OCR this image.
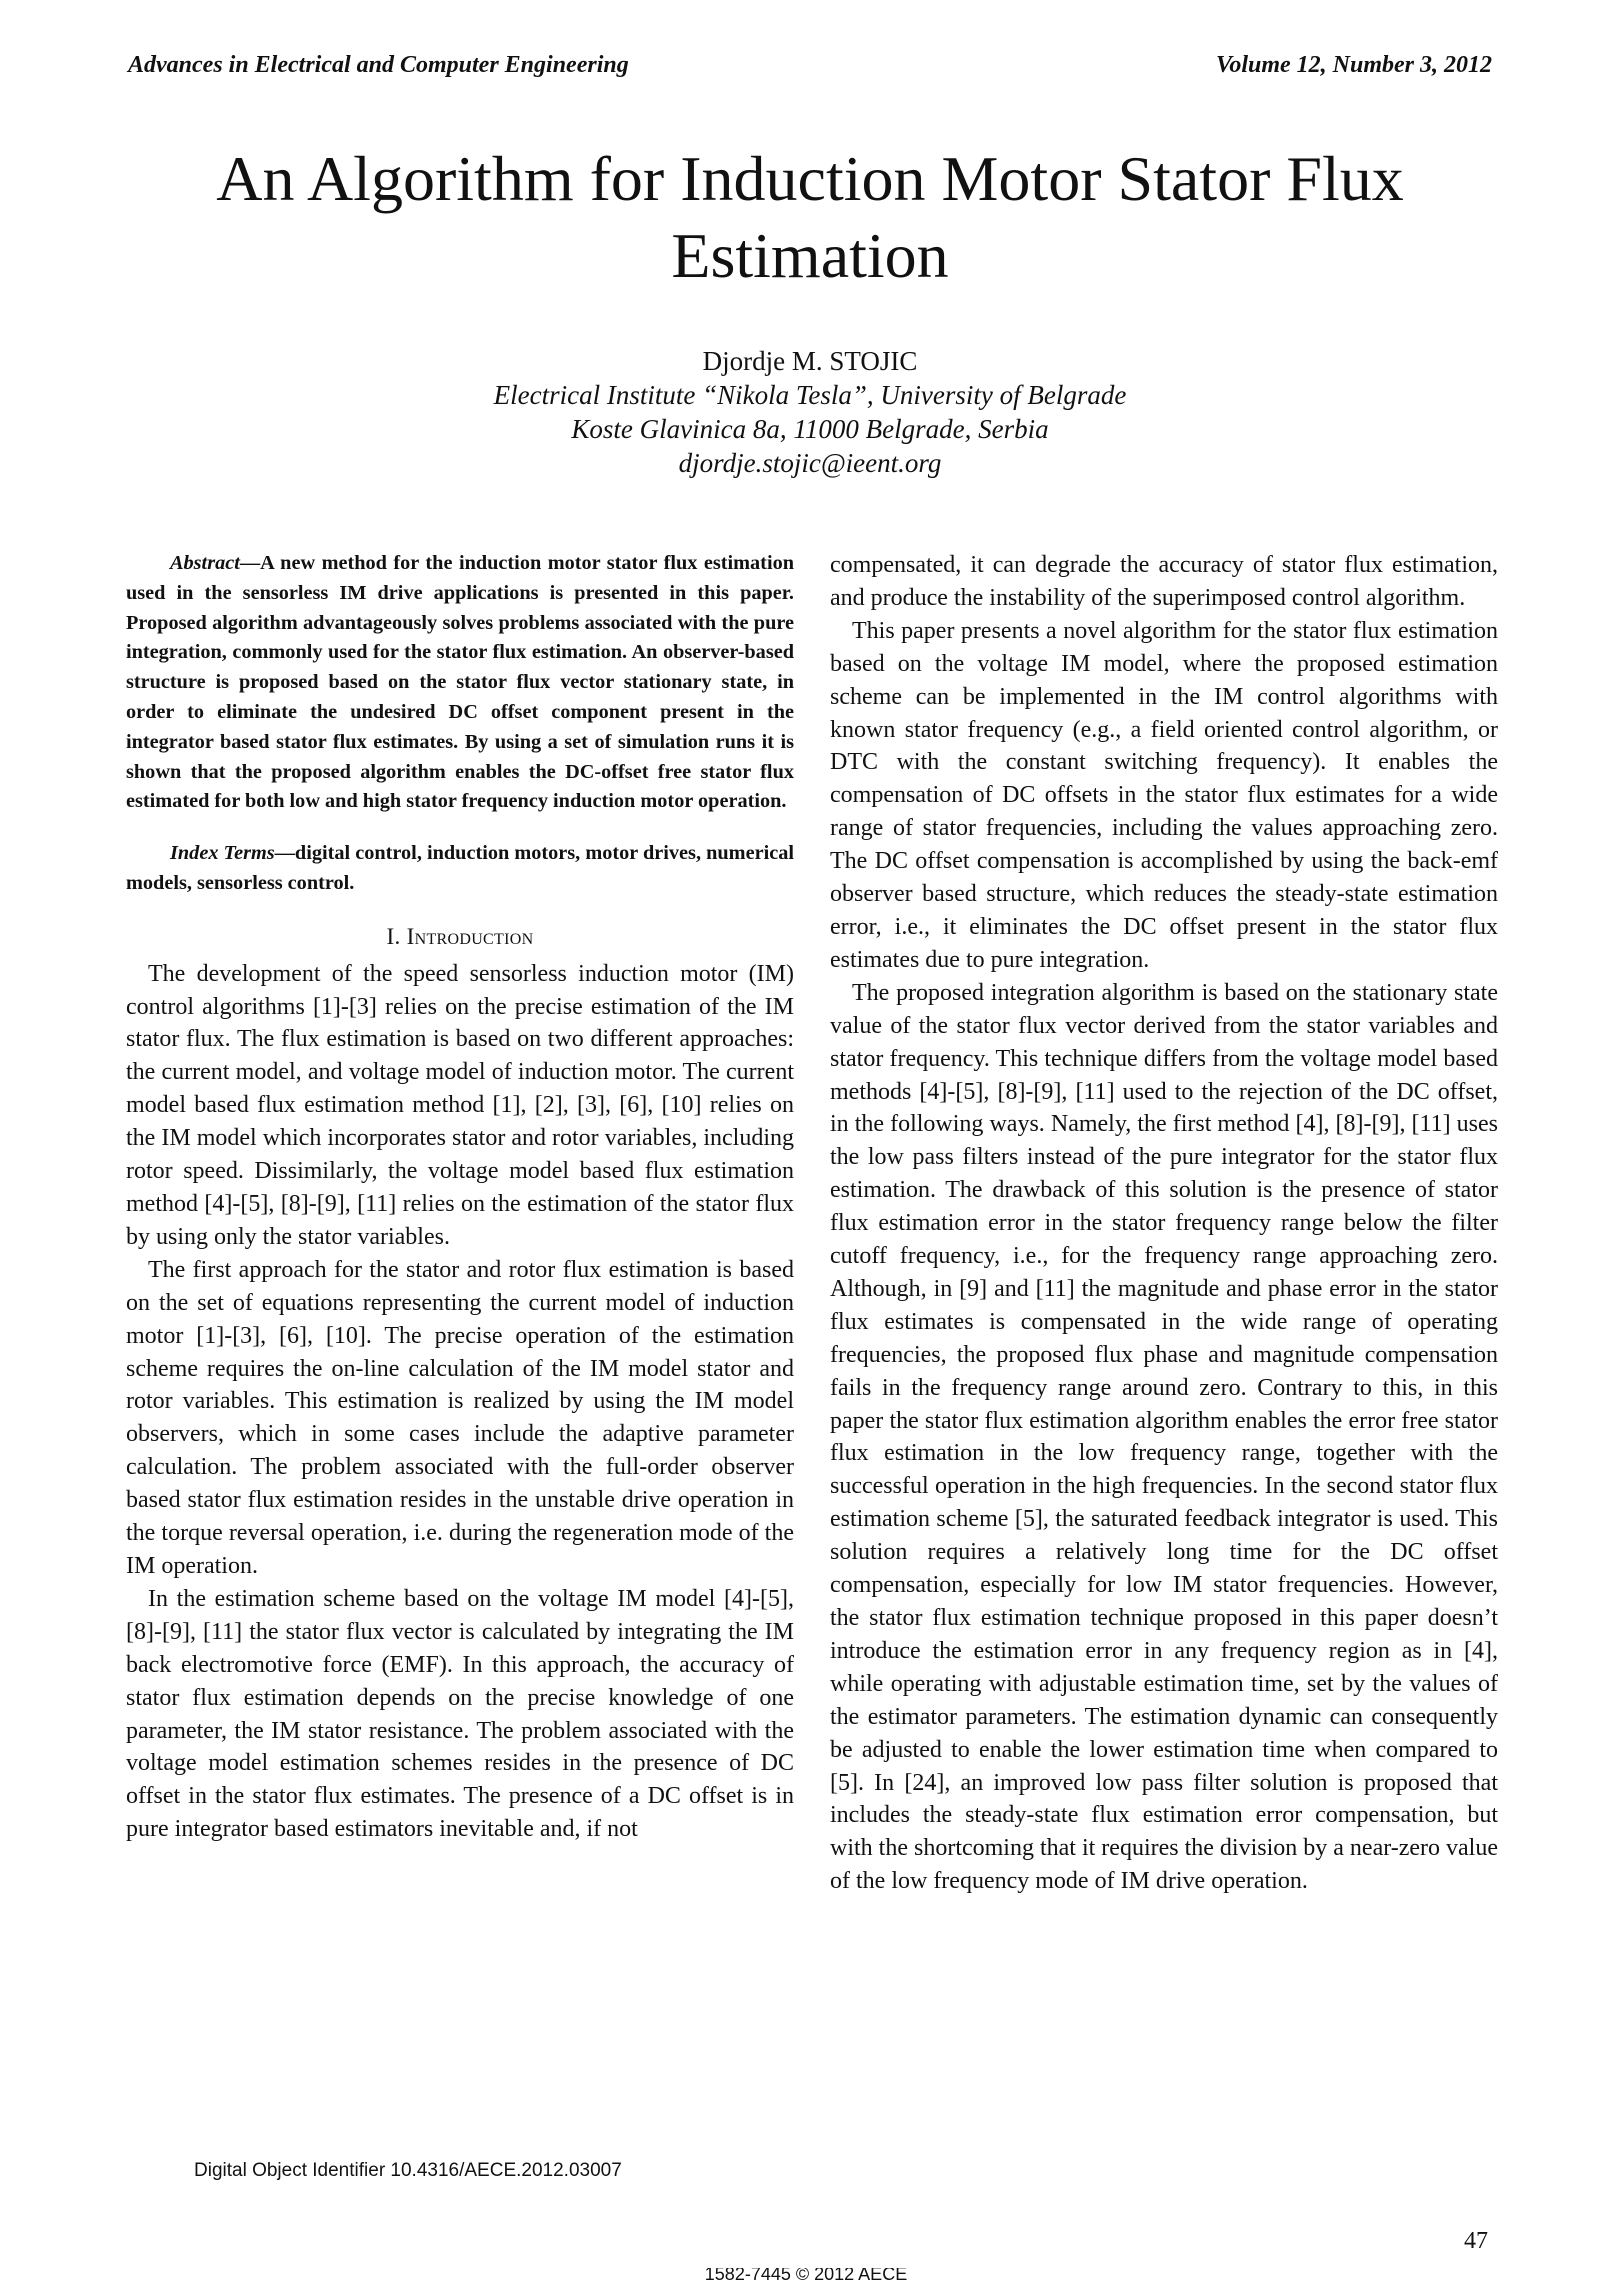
Advances in Electrical and Computer Engineering	Volume 12, Number 3, 2012
An Algorithm for Induction Motor Stator Flux Estimation
Djordje M. STOJIC
Electrical Institute “Nikola Tesla”, University of Belgrade
Koste Glavinica 8a, 11000 Belgrade, Serbia
djordje.stojic@ieent.org

Abstract—A new method for the induction motor stator flux estimation used in the sensorless IM drive applications is presented in this paper. Proposed algorithm advantageously solves problems associated with the pure integration, commonly used for the stator flux estimation. An observer-based structure is proposed based on the stator flux vector stationary state, in order to eliminate the undesired DC offset component present in the integrator based stator flux estimates. By using a set of simulation runs it is shown that the proposed algorithm enables the DC-offset free stator flux estimated for both low and high stator frequency induction motor operation.

Index Terms—digital control, induction motors, motor drives, numerical models, sensorless control.

I. Introduction

The development of the speed sensorless induction motor (IM) control algorithms [1]-[3] relies on the precise estimation of the IM stator flux. The flux estimation is based on two different approaches: the current model, and voltage model of induction motor. The current model based flux estimation method [1], [2], [3], [6], [10] relies on the IM model which incorporates stator and rotor variables, including rotor speed. Dissimilarly, the voltage model based flux estimation method [4]-[5], [8]-[9], [11] relies on the estimation of the stator flux by using only the stator variables.

The first approach for the stator and rotor flux estimation is based on the set of equations representing the current model of induction motor [1]-[3], [6], [10]. The precise operation of the estimation scheme requires the on-line calculation of the IM model stator and rotor variables. This estimation is realized by using the IM model observers, which in some cases include the adaptive parameter calculation. The problem associated with the full-order observer based stator flux estimation resides in the unstable drive operation in the torque reversal operation, i.e. during the regeneration mode of the IM operation.

In the estimation scheme based on the voltage IM model [4]-[5], [8]-[9], [11] the stator flux vector is calculated by integrating the IM back electromotive force (EMF). In this approach, the accuracy of stator flux estimation depends on the precise knowledge of one parameter, the IM stator resistance. The problem associated with the voltage model estimation schemes resides in the presence of DC offset in the stator flux estimates. The presence of a DC offset is in pure integrator based estimators inevitable and, if not

compensated, it can degrade the accuracy of stator flux estimation, and produce the instability of the superimposed control algorithm.

This paper presents a novel algorithm for the stator flux estimation based on the voltage IM model, where the proposed estimation scheme can be implemented in the IM control algorithms with known stator frequency (e.g., a field oriented control algorithm, or DTC with the constant switching frequency). It enables the compensation of DC offsets in the stator flux estimates for a wide range of stator frequencies, including the values approaching zero. The DC offset compensation is accomplished by using the back-emf observer based structure, which reduces the steady-state estimation error, i.e., it eliminates the DC offset present in the stator flux estimates due to pure integration.

The proposed integration algorithm is based on the stationary state value of the stator flux vector derived from the stator variables and stator frequency. This technique differs from the voltage model based methods [4]-[5], [8]-[9], [11] used to the rejection of the DC offset, in the following ways. Namely, the first method [4], [8]-[9], [11] uses the low pass filters instead of the pure integrator for the stator flux estimation. The drawback of this solution is the presence of stator flux estimation error in the stator frequency range below the filter cutoff frequency, i.e., for the frequency range approaching zero. Although, in [9] and [11] the magnitude and phase error in the stator flux estimates is compensated in the wide range of operating frequencies, the proposed flux phase and magnitude compensation fails in the frequency range around zero. Contrary to this, in this paper the stator flux estimation algorithm enables the error free stator flux estimation in the low frequency range, together with the successful operation in the high frequencies. In the second stator flux estimation scheme [5], the saturated feedback integrator is used. This solution requires a relatively long time for the DC offset compensation, especially for low IM stator frequencies. However, the stator flux estimation technique proposed in this paper doesn’t introduce the estimation error in any frequency region as in [4], while operating with adjustable estimation time, set by the values of the estimator parameters. The estimation dynamic can consequently be adjusted to enable the lower estimation time when compared to [5]. In [24], an improved low pass filter solution is proposed that includes the steady-state flux estimation error compensation, but with the shortcoming that it requires the division by a near-zero value of the low frequency mode of IM drive operation.

Digital Object Identifier 10.4316/AECE.2012.03007
47
1582-7445 © 2012 AECE
